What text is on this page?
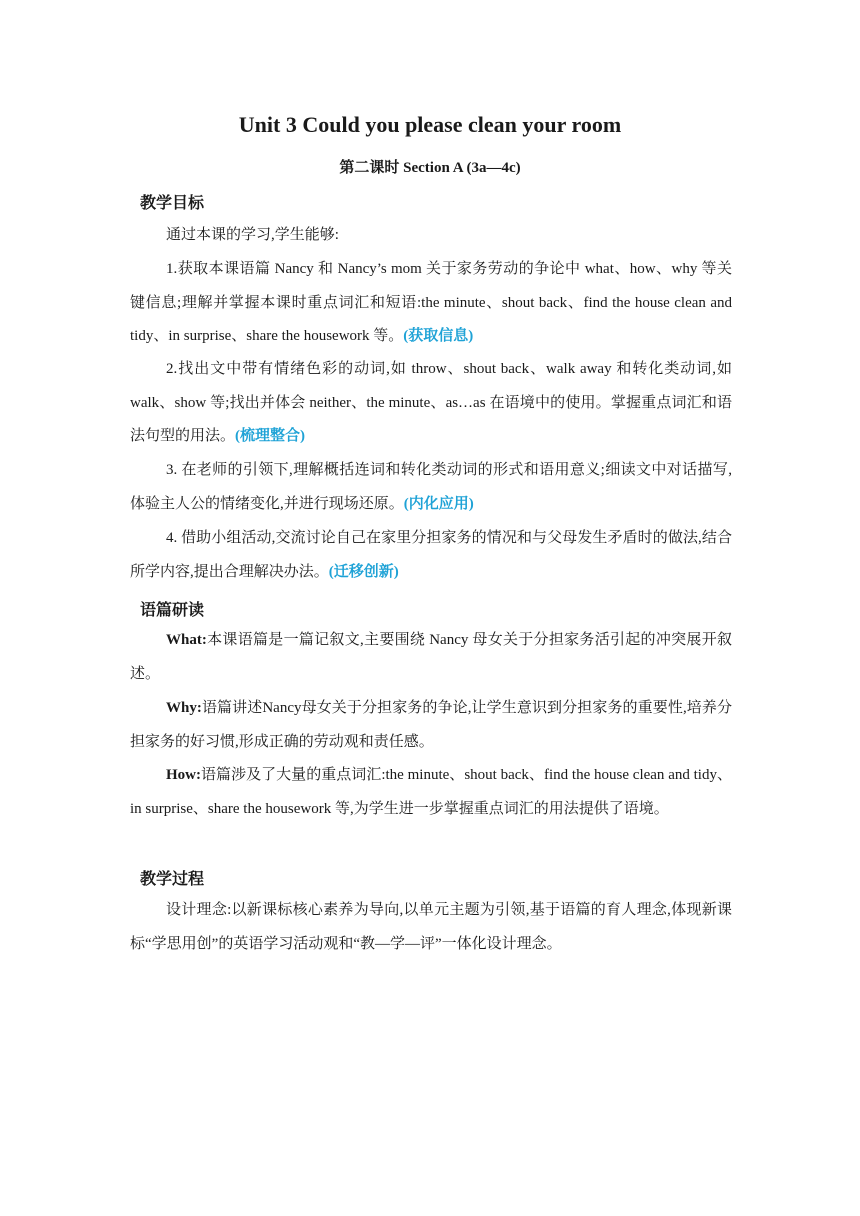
Unit 3 Could you please clean your room
第二课时 Section A (3a—4c)
教学目标
通过本课的学习,学生能够:
1.获取本课语篇 Nancy 和 Nancy’s mom 关于家务劳动的争论中 what、how、why 等关键信息;理解并掌握本课时重点词汇和短语:the minute、shout back、find the house clean and tidy、in surprise、share the housework 等。(获取信息)
2.找出文中带有情绪色彩的动词,如 throw、shout back、walk away 和转化类动词,如 walk、show 等;找出并体会 neither、the minute、as…as 在语境中的使用。掌握重点词汇和语法句型的用法。(梳理整合)
3. 在老师的引领下,理解概括连词和转化类动词的形式和语用意义;细读文中对话描写,体验主人公的情绪变化,并进行现场还原。(内化应用)
4. 借助小组活动,交流讨论自己在家里分担家务的情况和与父母发生矛盾时的做法,结合所学内容,提出合理解决办法。(迁移创新)
语篇研读
What:本课语篇是一篇记叙文,主要围绕 Nancy 母女关于分担家务活引起的冲突展开叙述。
Why:语篇讲述Nancy母女关于分担家务的争论,让学生意识到分担家务的重要性,培养分担家务的好习惯,形成正确的劳动观和责任感。
How:语篇涉及了大量的重点词汇:the minute、shout back、find the house clean and tidy、in surprise、share the housework 等,为学生进一步掌握重点词汇的用法提供了语境。
教学过程
设计理念:以新课标核心素养为导向,以单元主题为引领,基于语篇的育人理念,体现新课标“学思用创”的英语学习活动观和“教—学—评”一体化设计理念。
